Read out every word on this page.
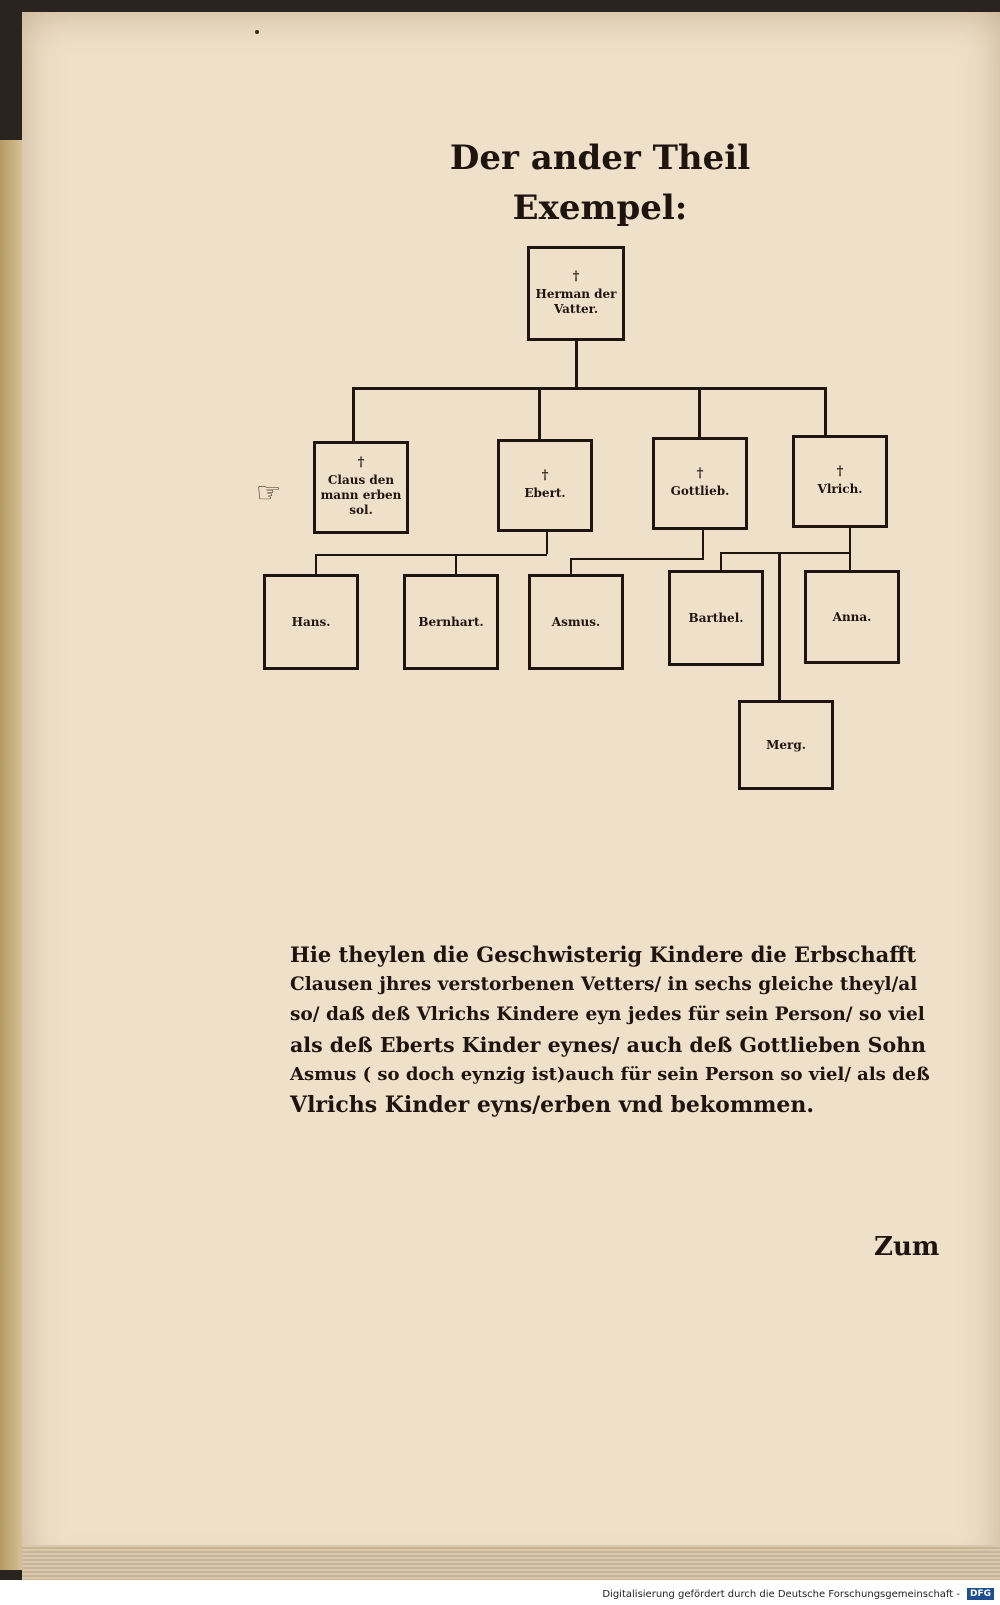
Der ander Theil
Exempel:
†
Herman der
Vatter.
†
Claus den
mann erben
sol.
†
Ebert.
†
Gottlieb.
†
Vlrich.
☞
Hans.	Bernhart.	Asmus.	Barthel.	Anna.
Merg.
Hie theylen die Geschwisterig Kindere die Erbschafft
Clausen jhres verstorbenen Vetters/ in sechs gleiche theyl/al
so/ daß deß Vlrichs Kindere eyn jedes für sein Person/ so viel
als deß Eberts Kinder eynes/ auch deß Gottlieben Sohn
Asmus ( so doch eynzig ist)auch für sein Person so viel/ als deß
Vlrichs Kinder eyns/erben vnd bekommen.
Zum
Digitalisierung gefördert durch die Deutsche Forschungsgemeinschaft -	DFG
